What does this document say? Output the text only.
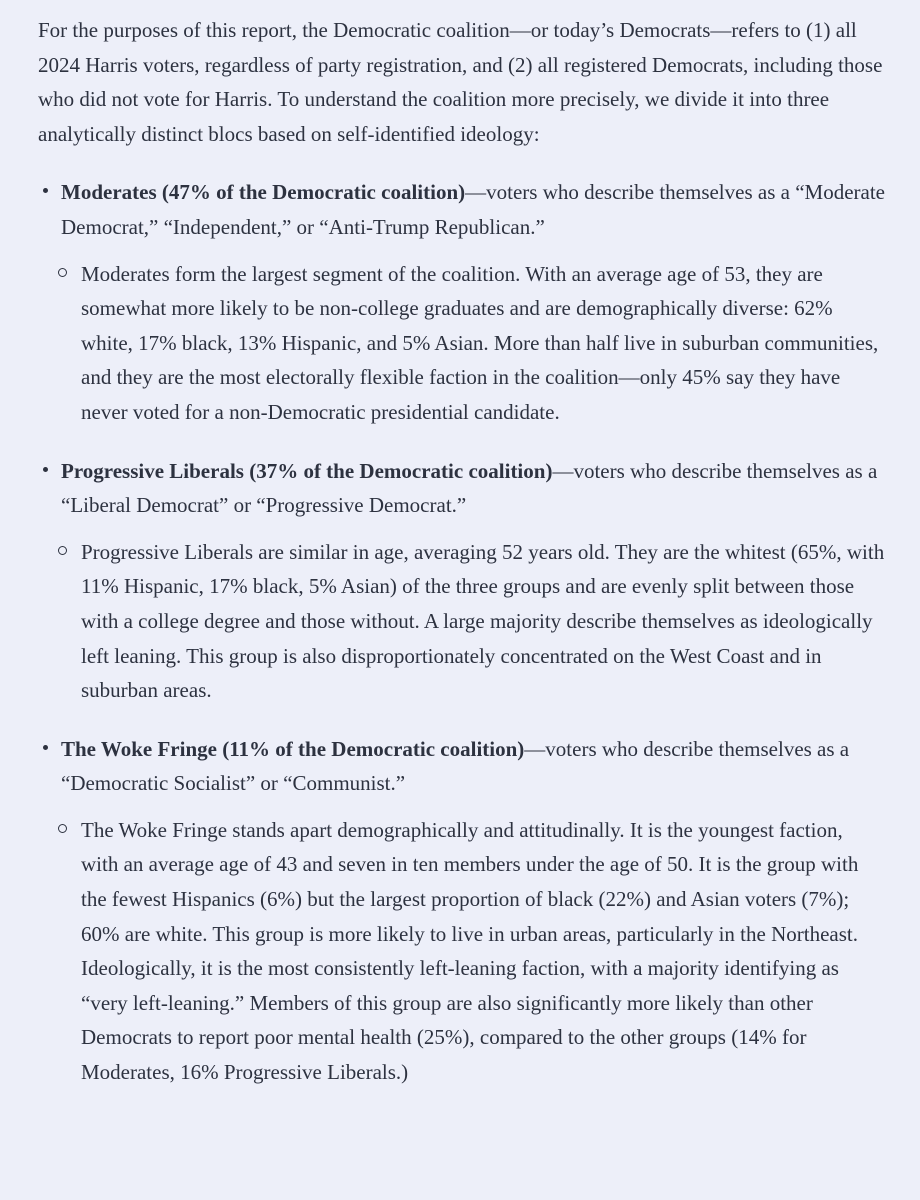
For the purposes of this report, the Democratic coalition—or today’s Democrats—refers to (1) all 2024 Harris voters, regardless of party registration, and (2) all registered Democrats, including those who did not vote for Harris. To understand the coalition more precisely, we divide it into three analytically distinct blocs based on self-identified ideology:

Moderates (47% of the Democratic coalition)—voters who describe themselves as a “Moderate Democrat,” “Independent,” or “Anti-Trump Republican.”

Moderates form the largest segment of the coalition. With an average age of 53, they are somewhat more likely to be non-college graduates and are demographically diverse: 62% white, 17% black, 13% Hispanic, and 5% Asian. More than half live in suburban communities, and they are the most electorally flexible faction in the coalition—only 45% say they have never voted for a non-Democratic presidential candidate.

Progressive Liberals (37% of the Democratic coalition)—voters who describe themselves as a “Liberal Democrat” or “Progressive Democrat.”

Progressive Liberals are similar in age, averaging 52 years old. They are the whitest (65%, with 11% Hispanic, 17% black, 5% Asian) of the three groups and are evenly split between those with a college degree and those without. A large majority describe themselves as ideologically left leaning. This group is also disproportionately concentrated on the West Coast and in suburban areas.

The Woke Fringe (11% of the Democratic coalition)—voters who describe themselves as a “Democratic Socialist” or “Communist.”

The Woke Fringe stands apart demographically and attitudinally. It is the youngest faction, with an average age of 43 and seven in ten members under the age of 50. It is the group with the fewest Hispanics (6%) but the largest proportion of black (22%) and Asian voters (7%); 60% are white. This group is more likely to live in urban areas, particularly in the Northeast. Ideologically, it is the most consistently left-leaning faction, with a majority identifying as “very left-leaning.” Members of this group are also significantly more likely than other Democrats to report poor mental health (25%), compared to the other groups (14% for Moderates, 16% Progressive Liberals.)
